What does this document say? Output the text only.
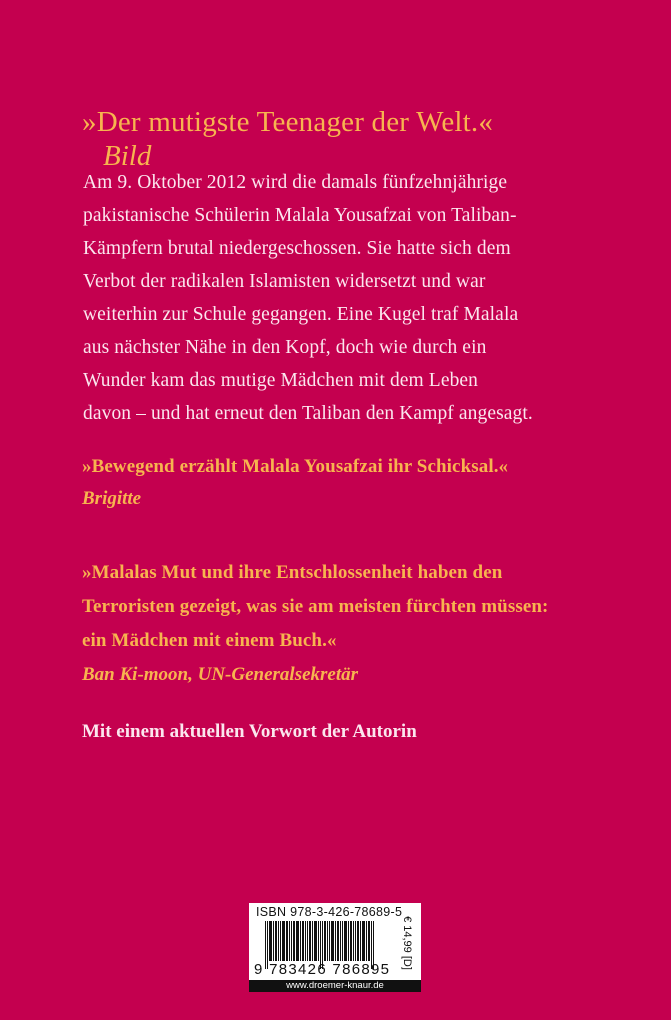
»Der mutigste Teenager der Welt.«
Bild
Am 9. Oktober 2012 wird die damals fünfzehnjährige
pakistanische Schülerin Malala Yousafzai von Taliban-
Kämpfern brutal niedergeschossen. Sie hatte sich dem
Verbot der radikalen Islamisten widersetzt und war
weiterhin zur Schule gegangen. Eine Kugel traf Malala
aus nächster Nähe in den Kopf, doch wie durch ein
Wunder kam das mutige Mädchen mit dem Leben
davon – und hat erneut den Taliban den Kampf angesagt.
»Bewegend erzählt Malala Yousafzai ihr Schicksal.«
Brigitte
»Malalas Mut und ihre Entschlossenheit haben den
Terroristen gezeigt, was sie am meisten fürchten müssen:
ein Mädchen mit einem Buch.«
Ban Ki-moon, UN-Generalsekretär
Mit einem aktuellen Vorwort der Autorin
ISBN 978-3-426-78689-5
9 783426 786895 € 14,99 [D]
www.droemer-knaur.de
